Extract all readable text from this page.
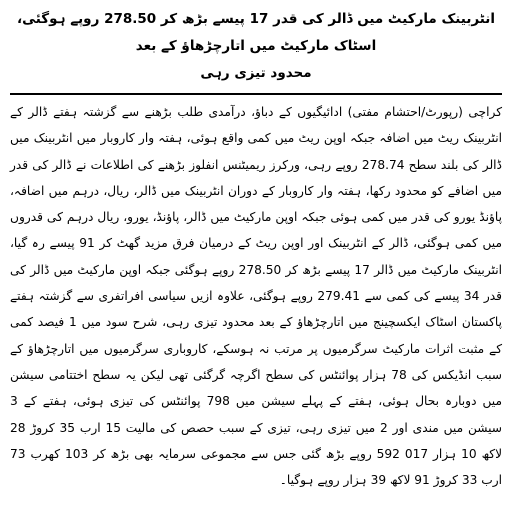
انٹربینک مارکیٹ میں ڈالر کی قدر 17 پیسے بڑھ کر 278.50 روپے ہوگئی، اسٹاک مارکیٹ میں اتارچڑھاؤ کے بعد
محدود تیزی رہی

کراچی (رپورٹ/احتشام مفتی) ادائیگیوں کے دباؤ، درآمدی طلب بڑھنے سے گزشتہ ہفتے ڈالر کے انٹربینک ریٹ میں اضافہ جبکہ اوپن ریٹ میں کمی واقع ہوئی، ہفتہ وار کاروبار میں انٹربینک میں ڈالر کی بلند سطح 278.74 روپے رہی، ورکرز ریمیٹنس انفلوز بڑھنے کی اطلاعات نے ڈالر کی قدر میں اضافے کو محدود رکھا، ہفتہ وار کاروبار کے دوران انٹربینک میں ڈالر، ریال، درہم میں اضافہ، پاؤنڈ یورو کی قدر میں کمی ہوئی جبکہ اوپن مارکیٹ میں ڈالر، پاؤنڈ، یورو، ریال درہم کی قدروں میں کمی ہوگئی، ڈالر کے انٹربینک اور اوپن ریٹ کے درمیان فرق مزید گھٹ کر 91 پیسے رہ گیا، انٹربینک مارکیٹ میں ڈالر 17 پیسے بڑھ کر 278.50 روپے ہوگئی جبکہ اوپن مارکیٹ میں ڈالر کی قدر 34 پیسے کی کمی سے 279.41 روپے ہوگئی، علاوہ ازیں سیاسی افراتفری سے گزشتہ ہفتے پاکستان اسٹاک ایکسچینج میں اتارچڑھاؤ کے بعد محدود تیزی رہی، شرح سود میں 1 فیصد کمی کے مثبت اثرات مارکیٹ سرگرمیوں پر مرتب نہ ہوسکے، کاروباری سرگرمیوں میں اتارچڑھاؤ کے سبب انڈیکس کی 78 ہزار پوائنٹس کی سطح اگرچہ گرگئی تھی لیکن یہ سطح اختتامی سیشن میں دوبارہ بحال ہوئی، ہفتے کے پہلے سیشن میں 798 پوائنٹس کی تیزی ہوئی، ہفتے کے 3 سیشن میں مندی اور 2 میں تیزی رہی، تیزی کے سبب حصص کی مالیت 15 ارب 35 کروڑ 28 لاکھ 10 ہزار 017 592 روپے بڑھ گئی جس سے مجموعی سرمایہ بھی بڑھ کر 103 کھرب 73 ارب 33 کروڑ 91 لاکھ 39 ہزار روپے ہوگیا۔
